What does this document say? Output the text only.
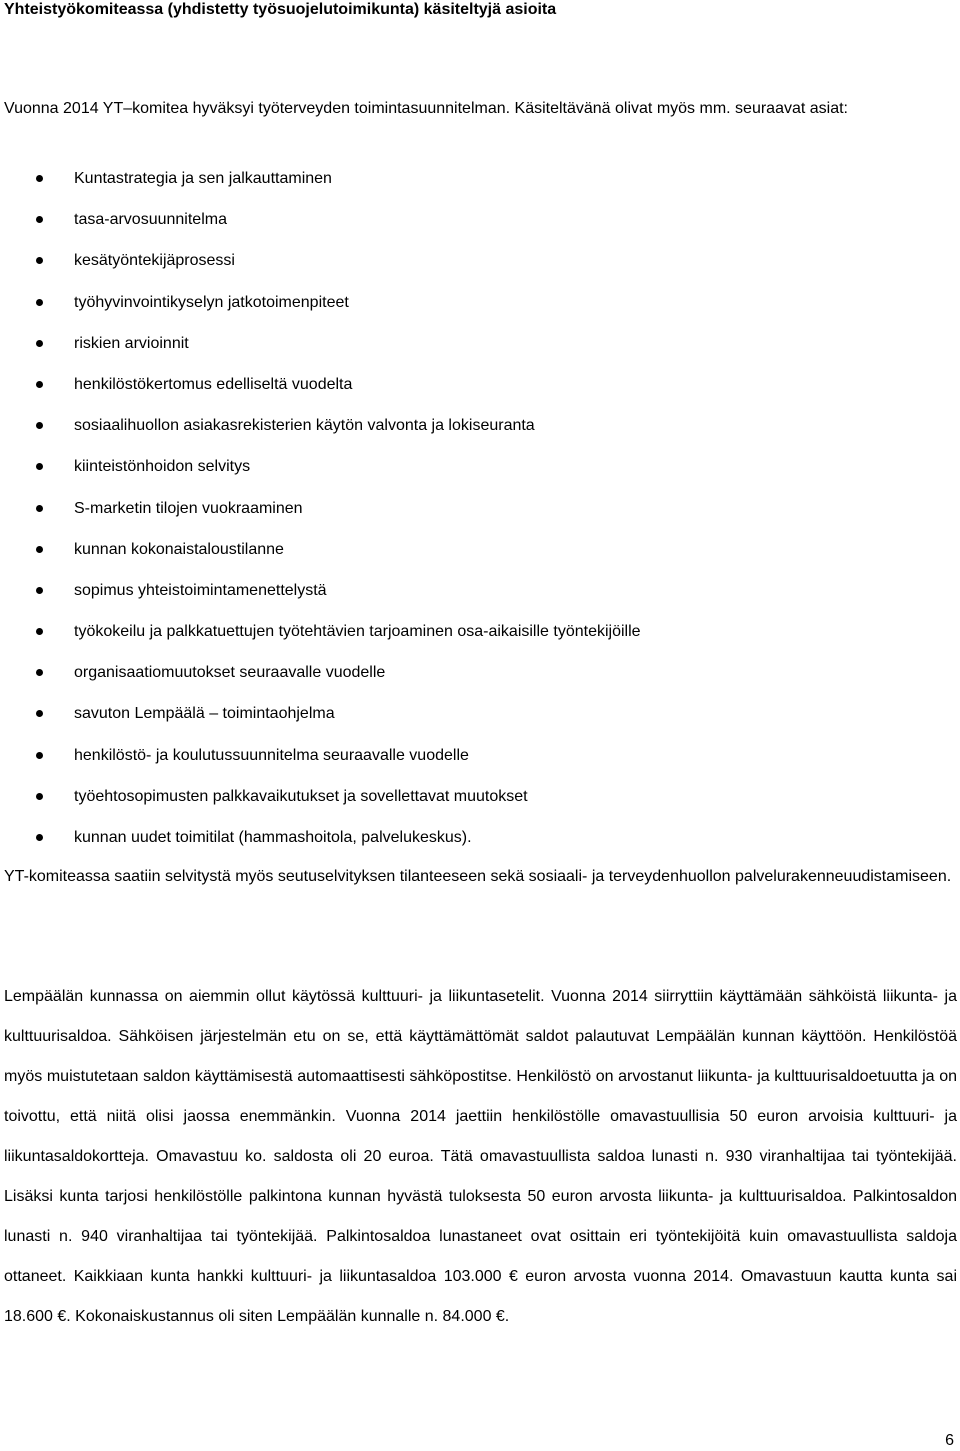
Yhteistyökomiteassa (yhdistetty työsuojelutoimikunta) käsiteltyjä asioita

Vuonna 2014 YT–komitea hyväksyi työterveyden toimintasuunnitelman. Käsiteltävänä olivat myös mm. seuraavat asiat:

Kuntastrategia ja sen jalkauttaminen
tasa-arvosuunnitelma
kesätyöntekijäprosessi
työhyvinvointikyselyn jatkotoimenpiteet
riskien arvioinnit
henkilöstökertomus edelliseltä vuodelta
sosiaalihuollon asiakasrekisterien käytön valvonta ja lokiseuranta
kiinteistönhoidon selvitys
S-marketin tilojen vuokraaminen
kunnan kokonaistaloustilanne
sopimus yhteistoimintamenettelystä
työkokeilu ja palkkatuettujen työtehtävien tarjoaminen osa-aikaisille työntekijöille
organisaatiomuutokset seuraavalle vuodelle
savuton Lempäälä – toimintaohjelma
henkilöstö- ja koulutussuunnitelma seuraavalle vuodelle
työehtosopimusten palkkavaikutukset ja sovellettavat muutokset
kunnan uudet toimitilat (hammashoitola, palvelukeskus).

YT-komiteassa saatiin selvitystä myös seutuselvityksen tilanteeseen sekä sosiaali- ja terveydenhuollon palvelurakenneuudistamiseen.

Lempäälän kunnassa on aiemmin ollut käytössä kulttuuri- ja liikuntasetelit. Vuonna 2014 siirryttiin käyttämään sähköistä liikunta- ja kulttuurisaldoa. Sähköisen järjestelmän etu on se, että käyttämättömät saldot palautuvat Lempäälän kunnan käyttöön. Henkilöstöä myös muistutetaan saldon käyttämisestä automaattisesti sähköpostitse. Henkilöstö on arvostanut liikunta- ja kulttuurisaldoetuutta ja on toivottu, että niitä olisi jaossa enemmänkin. Vuonna 2014 jaettiin henkilöstölle omavastuullisia 50 euron arvoisia kulttuuri- ja liikuntasaldokortteja. Omavastuu ko. saldosta oli 20 euroa. Tätä omavastuullista saldoa lunasti n. 930 viranhaltijaa tai työntekijää. Lisäksi kunta tarjosi henkilöstölle palkintona kunnan hyvästä tuloksesta 50 euron arvosta liikunta- ja kulttuurisaldoa. Palkintosaldon lunasti n. 940 viranhaltijaa tai työntekijää. Palkintosaldoa lunastaneet ovat osittain eri työntekijöitä kuin omavastuullista saldoja ottaneet. Kaikkiaan kunta hankki kulttuuri- ja liikuntasaldoa 103.000 € euron arvosta vuonna 2014. Omavastuun kautta kunta sai 18.600 €. Kokonaiskustannus oli siten Lempäälän kunnalle n. 84.000 €.

6
